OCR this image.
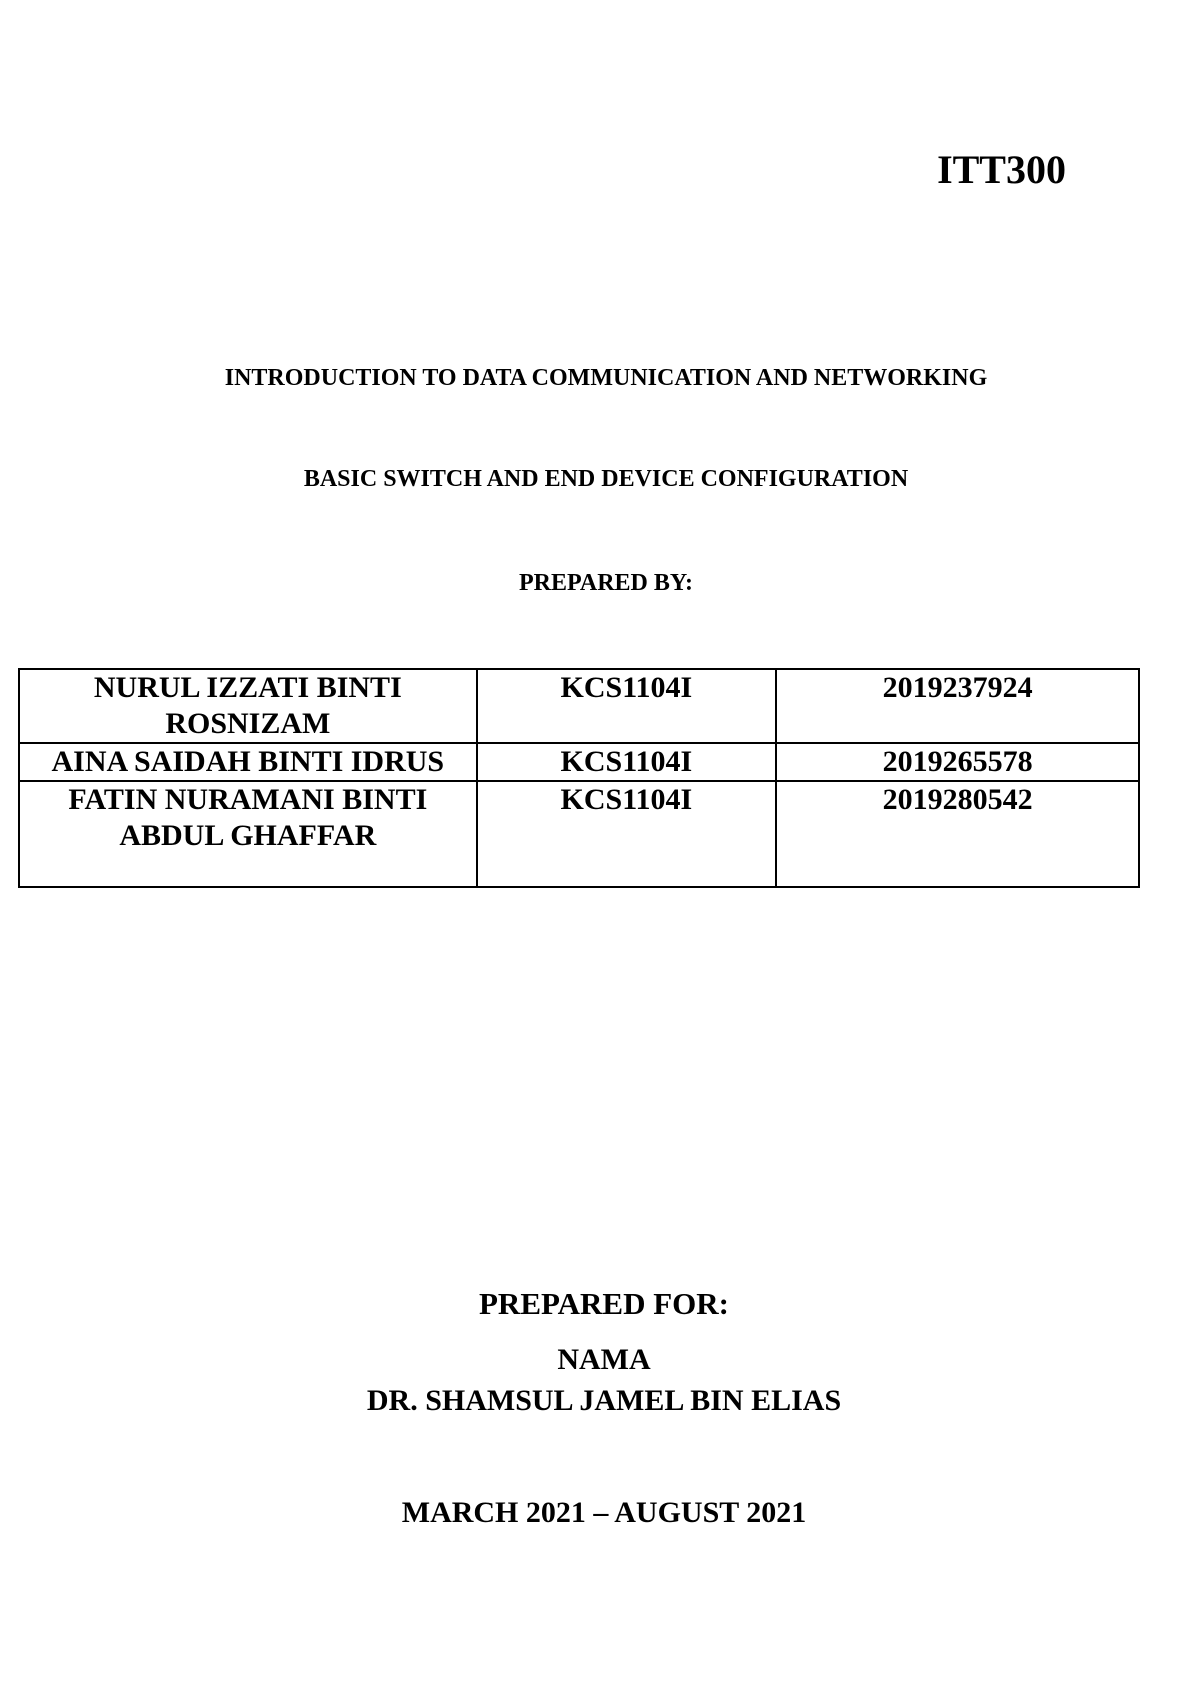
ITT300
INTRODUCTION TO DATA COMMUNICATION AND NETWORKING
BASIC SWITCH AND END DEVICE CONFIGURATION
PREPARED BY:
NURUL IZZATI BINTI ROSNIZAM	KCS1104I	2019237924
AINA SAIDAH BINTI IDRUS	KCS1104I	2019265578
FATIN NURAMANI BINTI ABDUL GHAFFAR	KCS1104I	2019280542
PREPARED FOR:
NAMA
DR. SHAMSUL JAMEL BIN ELIAS
MARCH 2021 – AUGUST 2021
